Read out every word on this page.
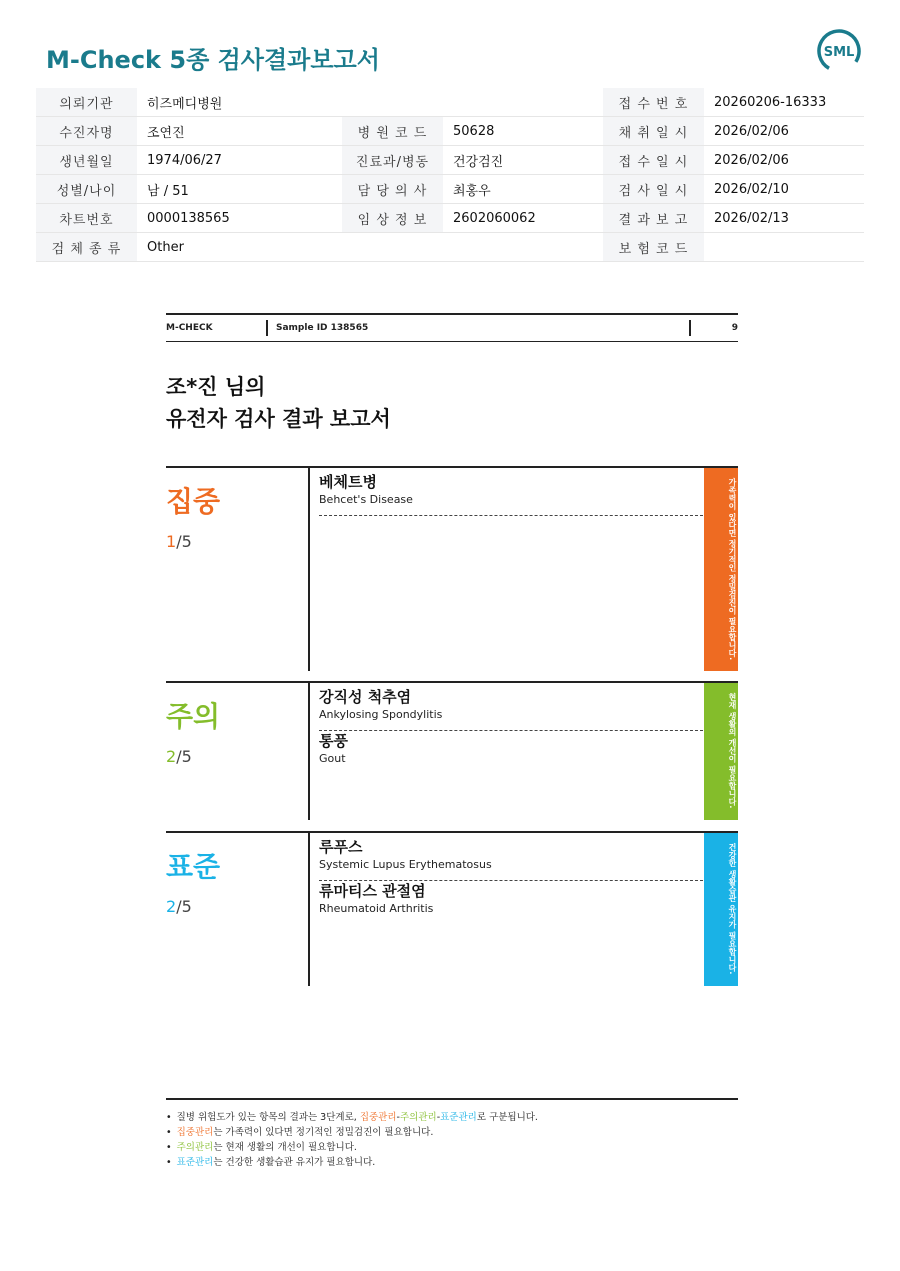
M-Check 5종 검사결과보고서	SML
의뢰기관	히즈메디병원			접 수 번 호	20260206-16333
수진자명	조연진	병 원 코 드	50628	채 취 일 시	2026/02/06
생년월일	1974/06/27	진료과/병동	건강검진	접 수 일 시	2026/02/06
성별/나이	남 / 51	담 당 의 사	최홍우	검 사 일 시	2026/02/10
차트번호	0000138565	임 상 정 보	2602060062	결 과 보 고	2026/02/13
검 체 종 류	Other			보 험 코 드	
M-CHECK	Sample ID 138565	9
조*진 님의
유전자 검사 결과 보고서
집중
1/5
베체트병
Behcet's Disease	가족력이 있다면 정기적인 정밀검진이 필요합니다.
주의
2/5
강직성 척추염
Ankylosing Spondylitis
통풍
Gout	현재 생활의 개선이 필요합니다.
표준
2/5
루푸스
Systemic Lupus Erythematosus
류마티스 관절염
Rheumatoid Arthritis	건강한 생활습관 유지가 필요합니다.
• 질병 위험도가 있는 항목의 결과는 3단계로, 집중관리-주의관리-표준관리로 구분됩니다.
• 집중관리는 가족력이 있다면 정기적인 정밀검진이 필요합니다.
• 주의관리는 현재 생활의 개선이 필요합니다.
• 표준관리는 건강한 생활습관 유지가 필요합니다.
